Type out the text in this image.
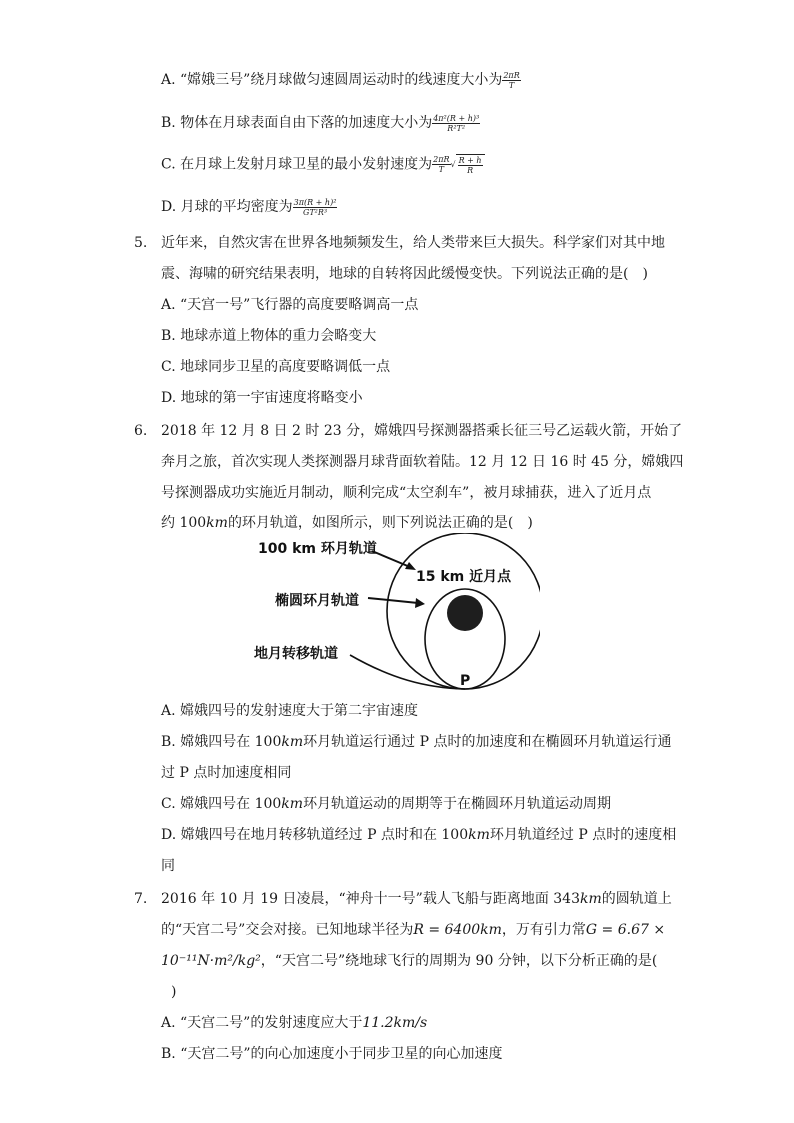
A. “嫦娥三号”绕月球做匀速圆周运动时的线速度大小为 $\frac{2\pi R}{T}$
B. 物体在月球表面自由下落的加速度大小为 $\frac{\text{4π²(R + h)³}}{\text{R²T²}}$
C. 在月球上发射月球卫星的最小发射速度为 $\frac{2\pi R}{T}$ √ $\frac{R + h}{R}$
D. 月球的平均密度为 $\frac{\text{3π(R + h)²}}{\text{GT²R³}}$
5. 近年来，自然灾害在世界各地频频发生，给人类带来巨大损失。科学家们对其中地
震、海啸的研究结果表明，地球的自转将因此缓慢变快。下列说法正确的是(　)
A. “天宫一号”飞行器的高度要略调高一点
B. 地球赤道上物体的重力会略变大
C. 地球同步卫星的高度要略调低一点
D. 地球的第一宇宙速度将略变小
6. 2018 年 12 月 8 日 2 时 23 分，嫦娥四号探测器搭乘长征三号乙运载火箭，开始了
奔月之旅，首次实现人类探测器月球背面软着陆。12 月 12 日 16 时 45 分，嫦娥四
号探测器成功实施近月制动，顺利完成“太空刹车”，被月球捕获，进入了近月点
约 100km的环月轨道，如图所示，则下列说法正确的是(　)
100 km 环月轨道
15 km 近月点
椭圆环月轨道
地月转移轨道
P
A. 嫦娥四号的发射速度大于第二宇宙速度
B. 嫦娥四号在 100km环月轨道运行通过 P 点时的加速度和在椭圆环月轨道运行通
过 P 点时加速度相同
C. 嫦娥四号在 100km环月轨道运动的周期等于在椭圆环月轨道运动周期
D. 嫦娥四号在地月转移轨道经过 P 点时和在 100km环月轨道经过 P 点时的速度相
同
7. 2016 年 10 月 19 日凌晨，“神舟十一号”载人飞船与距离地面 343km的圆轨道上
的“天宫二号”交会对接。已知地球半径为R = 6400km，万有引力常G = 6.67 ×
10⁻¹¹N·m²/kg²，“天宫二号”绕地球飞行的周期为 90 分钟，以下分析正确的是(
)
A. “天宫二号”的发射速度应大于11.2km/s
B. “天宫二号”的向心加速度小于同步卫星的向心加速度
